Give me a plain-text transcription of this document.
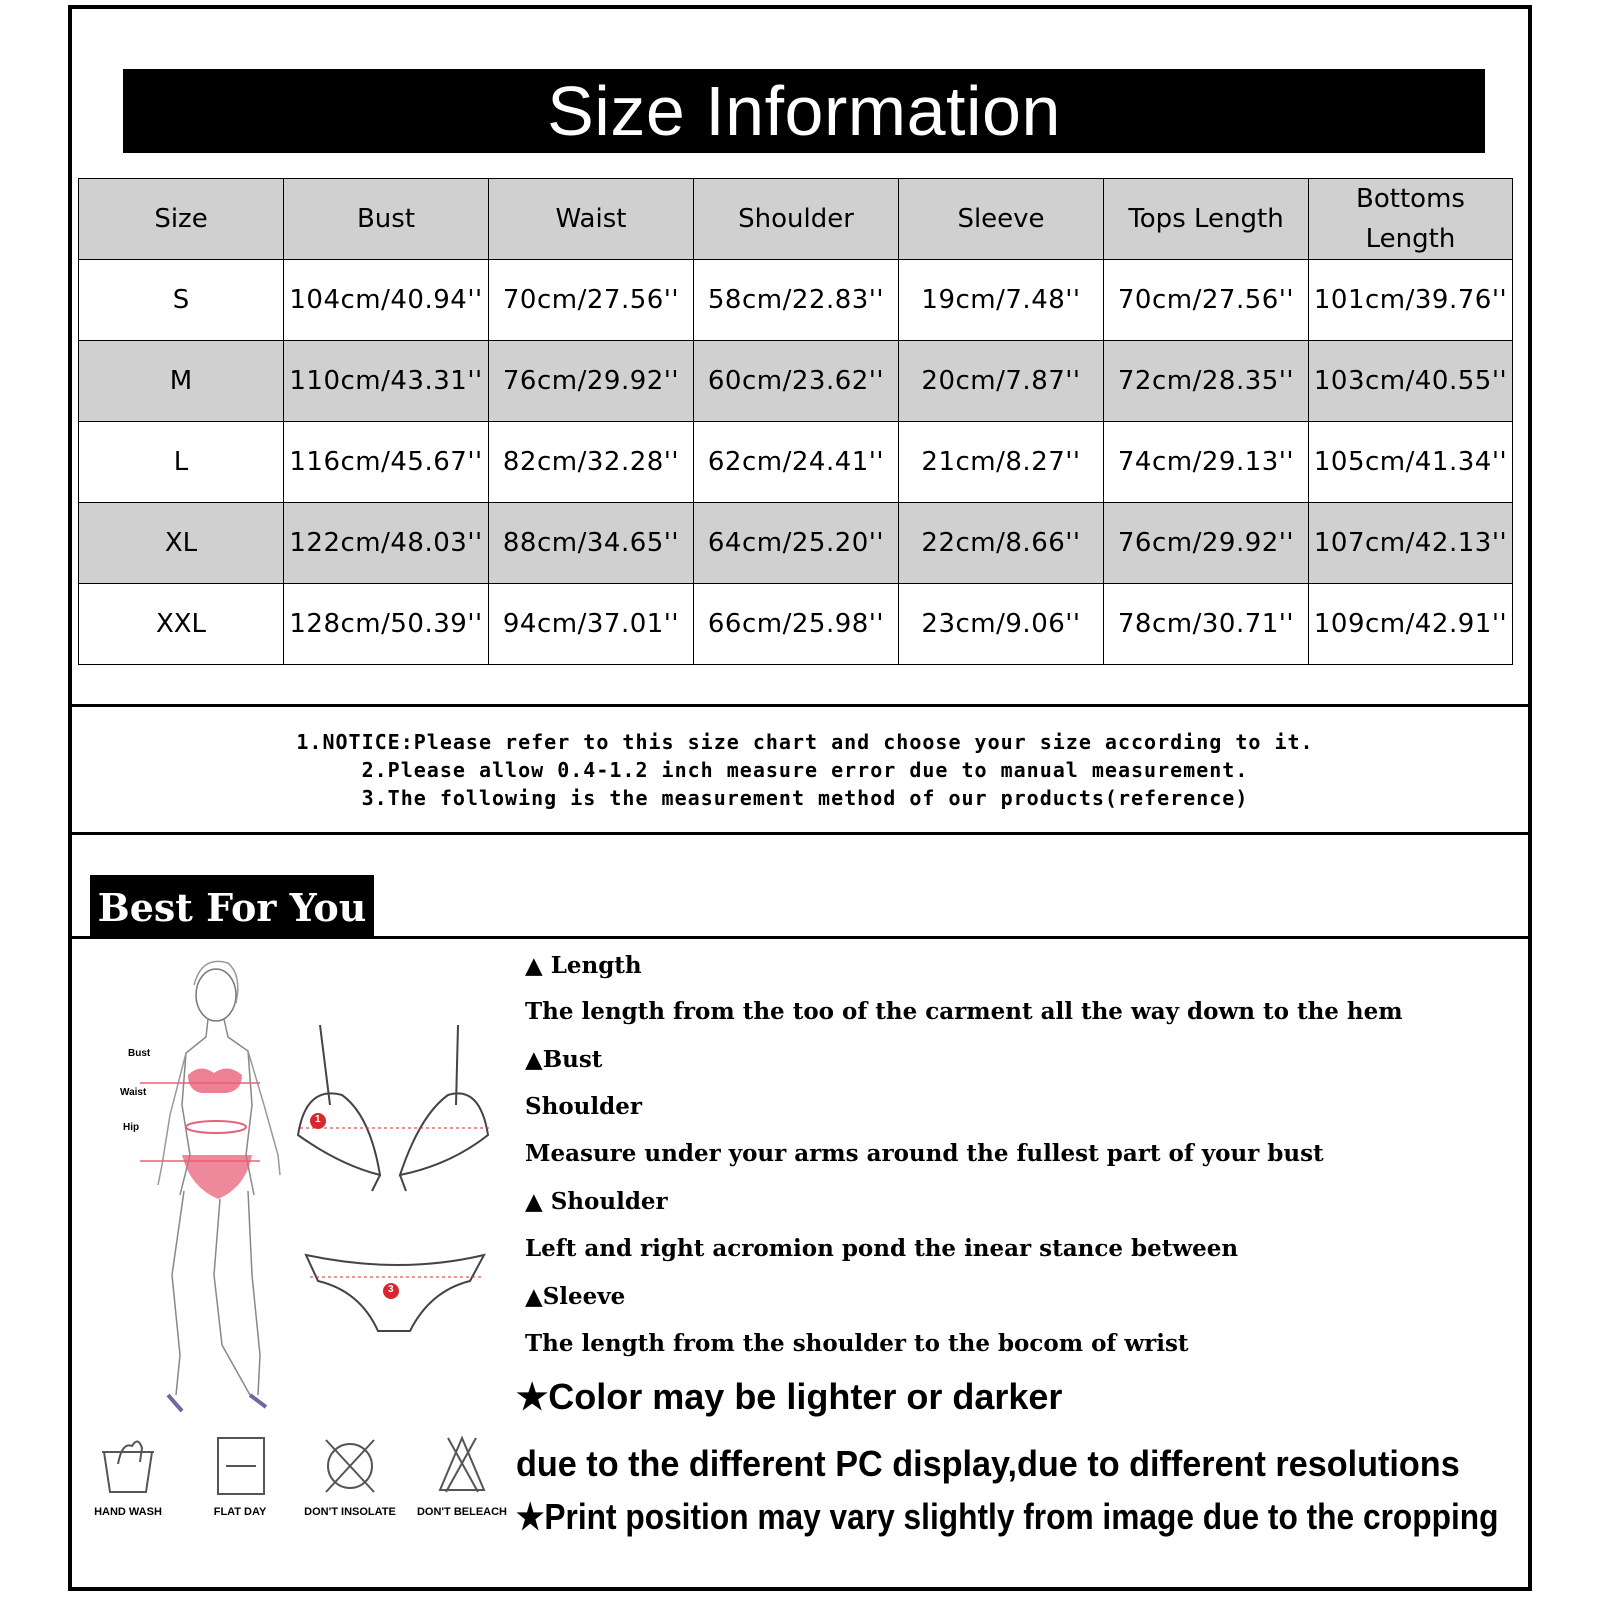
Size Information
Size	Bust	Waist	Shoulder	Sleeve	Tops Length	Bottoms Length
S	104cm/40.94''	70cm/27.56''	58cm/22.83''	19cm/7.48''	70cm/27.56''	101cm/39.76''
M	110cm/43.31''	76cm/29.92''	60cm/23.62''	20cm/7.87''	72cm/28.35''	103cm/40.55''
L	116cm/45.67''	82cm/32.28''	62cm/24.41''	21cm/8.27''	74cm/29.13''	105cm/41.34''
XL	122cm/48.03''	88cm/34.65''	64cm/25.20''	22cm/8.66''	76cm/29.92''	107cm/42.13''
XXL	128cm/50.39''	94cm/37.01''	66cm/25.98''	23cm/9.06''	78cm/30.71''	109cm/42.91''
1.NOTICE:Please refer to this size chart and choose your size according to it.
2.Please allow 0.4-1.2 inch measure error due to manual measurement.
3.The following is the measurement method of our products(reference)
Best For You
Bust
Waist
Hip
1
3
▲ Length
The length from the too of the carment all the way down to the hem
▲Bust
Shoulder
Measure under your arms around the fullest part of your bust
▲ Shoulder
Left and right acromion pond the inear stance between
▲Sleeve
The length from the shoulder to the bocom of wrist
★Color may be lighter or darker
due to the different PC display,due to different resolutions
★Print position may vary slightly from image due to the cropping
HAND WASH	FLAT DAY	DON'T INSOLATE	DON'T BELEACH
